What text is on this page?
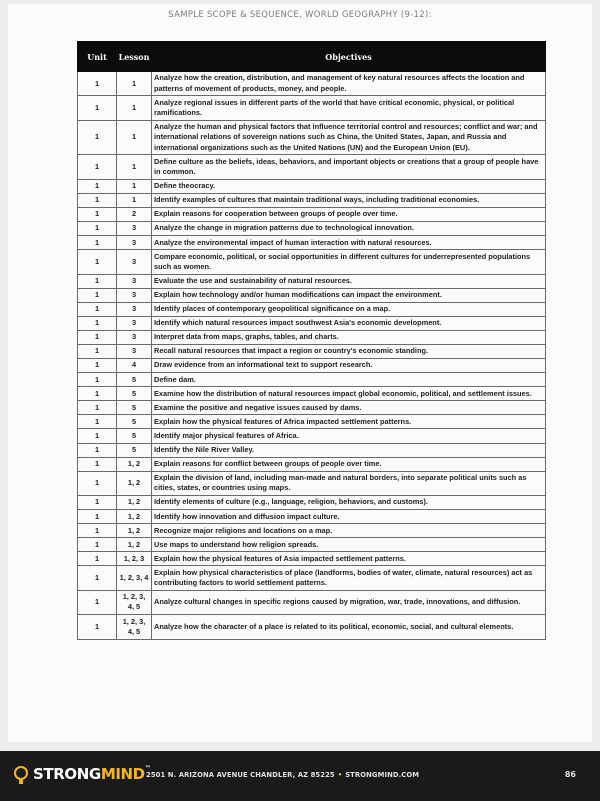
SAMPLE SCOPE & SEQUENCE, WORLD GEOGRAPHY (9-12):
Unit	Lesson	Objectives
1	1	Analyze how the creation, distribution, and management of key natural resources affects the location and patterns of movement of products, money, and people.
1	1	Analyze regional issues in different parts of the world that have critical economic, physical, or political ramifications.
1	1	Analyze the human and physical factors that influence territorial control and resources; conflict and war; and international relations of sovereign nations such as China, the United States, Japan, and Russia and international organizations such as the United Nations (UN) and the European Union (EU).
1	1	Define culture as the beliefs, ideas, behaviors, and important objects or creations that a group of people have in common.
1	1	Define theocracy.
1	1	Identify examples of cultures that maintain traditional ways, including traditional economies.
1	2	Explain reasons for cooperation between groups of people over time.
1	3	Analyze the change in migration patterns due to technological innovation.
1	3	Analyze the environmental impact of human interaction with natural resources.
1	3	Compare economic, political, or social opportunities in different cultures for underrepresented populations such as women.
1	3	Evaluate the use and sustainability of natural resources.
1	3	Explain how technology and/or human modifications can impact the environment.
1	3	Identify places of contemporary geopolitical significance on a map.
1	3	Identify which natural resources impact southwest Asia's economic development.
1	3	Interpret data from maps, graphs, tables, and charts.
1	3	Recall natural resources that impact a region or country's economic standing.
1	4	Draw evidence from an informational text to support research.
1	5	Define dam.
1	5	Examine how the distribution of natural resources impact global economic, political, and settlement issues.
1	5	Examine the positive and negative issues caused by dams.
1	5	Explain how the physical features of Africa impacted settlement patterns.
1	5	Identify major physical features of Africa.
1	5	Identify the Nile River Valley.
1	1, 2	Explain reasons for conflict between groups of people over time.
1	1, 2	Explain the division of land, including man-made and natural borders, into separate political units such as cities, states, or countries using maps.
1	1, 2	Identify elements of culture (e.g., language, religion, behaviors, and customs).
1	1, 2	Identify how innovation and diffusion impact culture.
1	1, 2	Recognize major religions and locations on a map.
1	1, 2	Use maps to understand how religion spreads.
1	1, 2, 3	Explain how the physical features of Asia impacted settlement patterns.
1	1, 2, 3, 4	Explain how physical characteristics of place (landforms, bodies of water, climate, natural resources) act as contributing factors to world settlement patterns.
1	1, 2, 3, 4, 5	Analyze cultural changes in specific regions caused by migration, war, trade, innovations, and diffusion.
1	1, 2, 3, 4, 5	Analyze how the character of a place is related to its political, economic, social, and cultural elements.
STRONGMIND™
2501 N. ARIZONA AVENUE CHANDLER, AZ 85225 • STRONGMIND.COM	86
